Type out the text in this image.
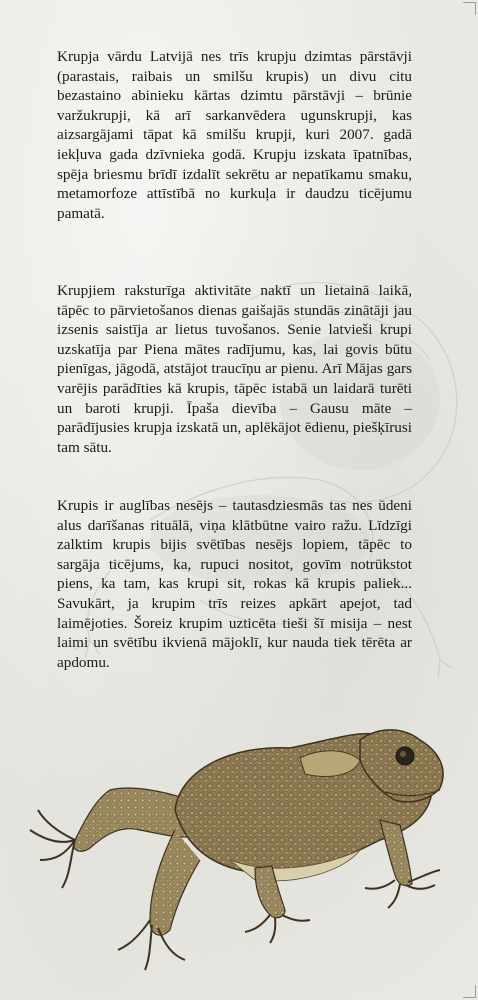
Krupja vārdu Latvijā nes trīs krupju dzimtas pārstāvji (parastais, raibais un smilšu krupis) un divu citu bezastaino abinieku kārtas dzimtu pārstāvji – brūnie varžukrupji, kā arī sarkanvēdera ugunskrupji, kas aizsargājami tāpat kā smilšu krupji, kuri 2007. gadā iekļuva gada dzīvnieka godā. Krupju izskata īpatnības, spēja briesmu brīdī izdalīt sekrētu ar nepatīkamu smaku, metamorfoze attīstībā no kurkuļa ir daudzu ticējumu pamatā.

Krupjiem raksturīga aktivitāte naktī un lietainā laikā, tāpēc to pārvietošanos dienas gaišajās stundās zinātāji jau izsenis saistīja ar lietus tuvošanos. Senie latvieši krupi uzskatīja par Piena mātes radījumu, kas, lai govis būtu pienīgas, jāgodā, atstājot traucīņu ar pienu. Arī Mājas gars varējis parādīties kā krupis, tāpēc istabā un laidarā turēti un baroti krupji. Īpaša dievība – Gausu māte – parādījusies krupja izskatā un, aplēkājot ēdienu, piešķīrusi tam sātu.

Krupis ir auglības nesējs – tautasdziesmās tas nes ūdeni alus darīšanas rituālā, viņa klātbūtne vairo ražu. Līdzīgi zalktim krupis bijis svētības nesējs lopiem, tāpēc to sargāja ticējums, ka, rupuci nositot, govīm notrūkstot piens, ka tam, kas krupi sit, rokas kā krupis paliek... Savukārt, ja krupim trīs reizes apkārt apejot, tad laimējoties. Šoreiz krupim uzticēta tieši šī misija – nest laimi un svētību ikvienā mājoklī, kur nauda tiek tērēta ar apdomu.
